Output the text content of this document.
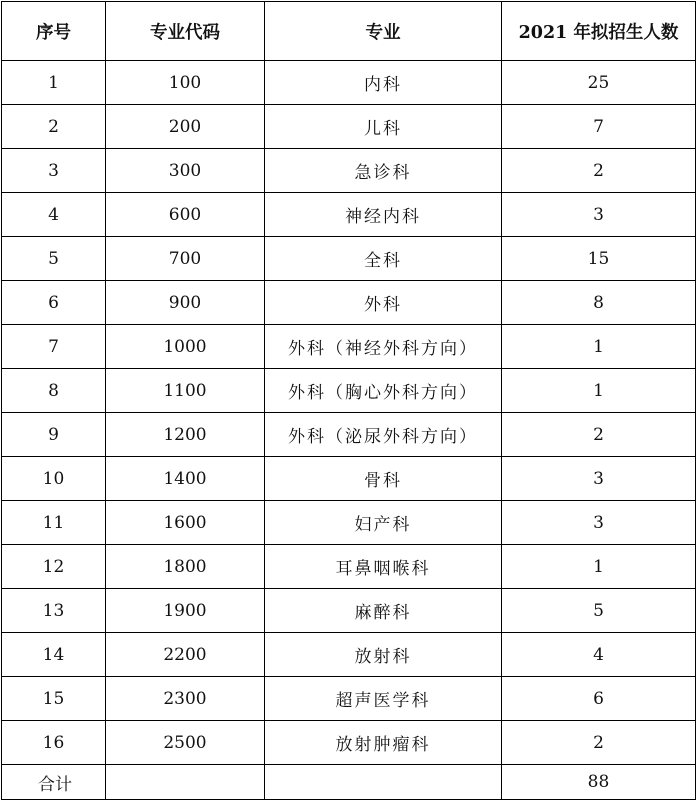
序号	专业代码	专业	2021 年拟招生人数
1	100	内科	25
2	200	儿科	7
3	300	急诊科	2
4	600	神经内科	3
5	700	全科	15
6	900	外科	8
7	1000	外科（神经外科方向）	1
8	1100	外科（胸心外科方向）	1
9	1200	外科（泌尿外科方向）	2
10	1400	骨科	3
11	1600	妇产科	3
12	1800	耳鼻咽喉科	1
13	1900	麻醉科	5
14	2200	放射科	4
15	2300	超声医学科	6
16	2500	放射肿瘤科	2
合计			88
